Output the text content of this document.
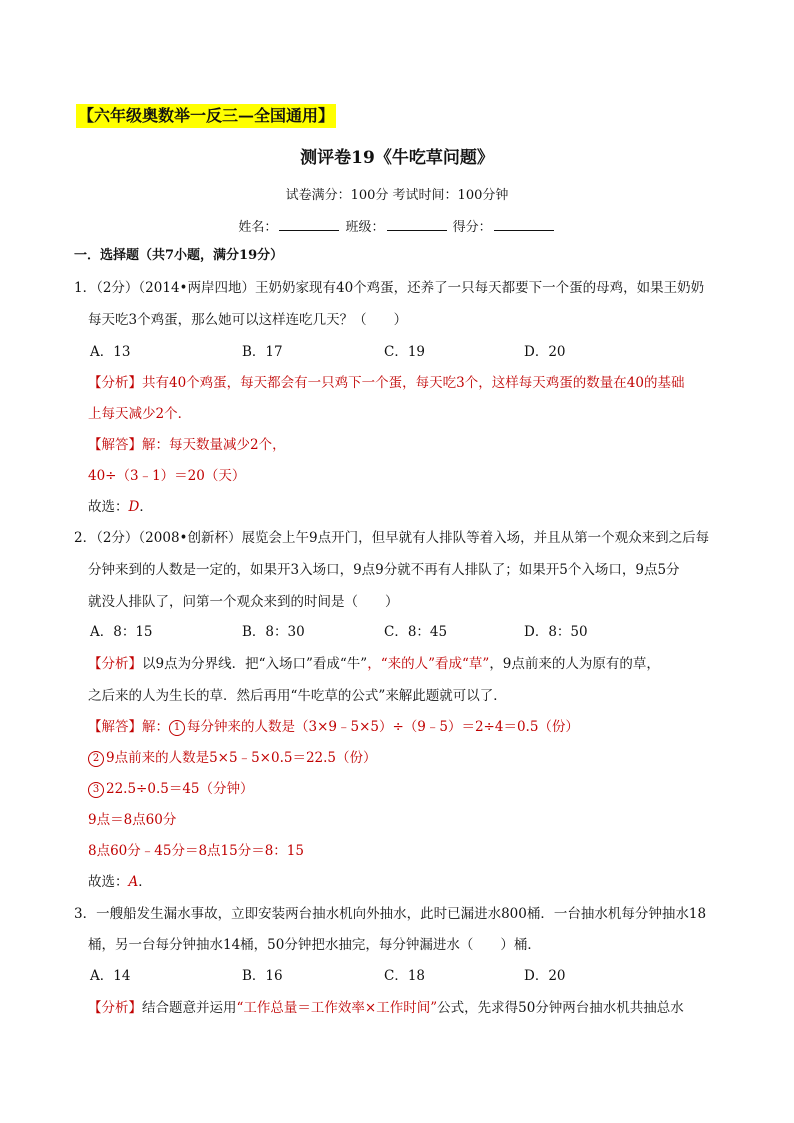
【六年级奥数举一反三—全国通用】
测评卷19《牛吃草问题》
试卷满分：100分 考试时间：100分钟
姓名：	班级：	得分：
一．选择题（共7小题，满分19分）
1．（2分）（2014•两岸四地）王奶奶家现有40个鸡蛋，还养了一只每天都要下一个蛋的母鸡，如果王奶奶
每天吃3个鸡蛋，那么她可以这样连吃几天？（　　）
A．13	B．17	C．19	D．20
【分析】共有40个鸡蛋，每天都会有一只鸡下一个蛋，每天吃3个，这样每天鸡蛋的数量在40的基础
上每天减少2个．
【解答】解：每天数量减少2个，
40÷（3﹣1）＝20（天）
故选：D．
2．（2分）（2008•创新杯）展览会上午9点开门，但早就有人排队等着入场，并且从第一个观众来到之后每
分钟来到的人数是一定的，如果开3入场口，9点9分就不再有人排队了；如果开5个入场口，9点5分
就没人排队了，问第一个观众来到的时间是（　　）
A．8：15	B．8：30	C．8：45	D．8：50
【分析】以9点为分界线．把“入场口”看成“牛”，“来的人”看成“草”，9点前来的人为原有的草，
之后来的人为生长的草．然后再用“牛吃草的公式”来解此题就可以了．
【解答】解： 1 每分钟来的人数是（3×9﹣5×5）÷（9﹣5）＝2÷4＝0.5（份）
2 9点前来的人数是5×5﹣5×0.5＝22.5（份）
3 22.5÷0.5＝45（分钟）
9点＝8点60分
8点60分﹣45分＝8点15分＝8：15
故选：A．
3．一艘船发生漏水事故，立即安装两台抽水机向外抽水，此时已漏进水800桶．一台抽水机每分钟抽水18
桶，另一台每分钟抽水14桶，50分钟把水抽完，每分钟漏进水（　　）桶．
A．14	B．16	C．18	D．20
【分析】结合题意并运用“工作总量＝工作效率×工作时间”公式，先求得50分钟两台抽水机共抽总水
